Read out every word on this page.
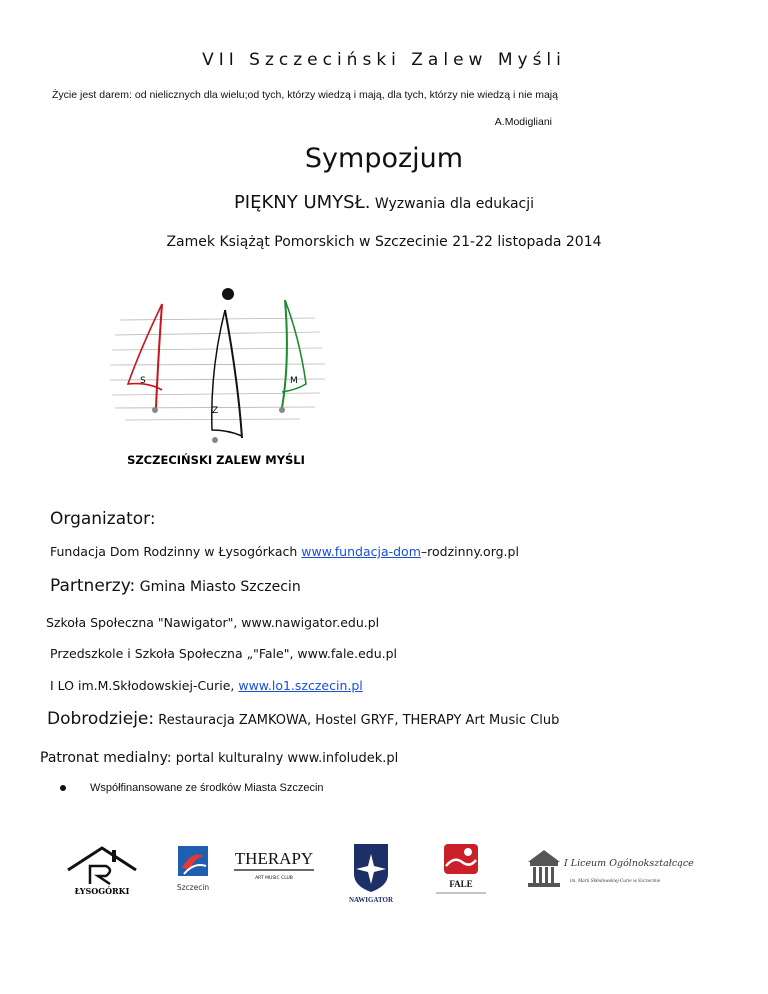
VII Szczeciński Zalew Myśli
Życie jest darem: od nielicznych dla wielu;od tych, którzy wiedzą i mają, dla tych, którzy nie wiedzą i nie mają
A.Modigliani
Sympozjum
PIĘKNY UMYSŁ. Wyzwania dla edukacji
Zamek Książąt Pomorskich w Szczecinie 21-22 listopada 2014
S
Z
M
SZCZECIŃSKI ZALEW MYŚLI
Organizator:
Fundacja Dom Rodzinny w Łysogórkach www.fundacja-dom–rodzinny.org.pl
Partnerzy: Gmina Miasto Szczecin
Szkoła Społeczna "Nawigator", www.nawigator.edu.pl
Przedszkole i Szkoła Społeczna „"Fale", www.fale.edu.pl
I LO im.M.Skłodowskiej-Curie, www.lo1.szczecin.pl
Dobrodzieje: Restauracja ZAMKOWA, Hostel GRYF, THERAPY Art Music Club
Patronat medialny: portal kulturalny www.infoludek.pl
Współfinansowane ze środków Miasta Szczecin
ŁYSOGÓRKI	Szczecin
THERAPY
ART MUSIC CLUB
NAWIGATOR
FALE
I Liceum Ogólnokształcące
im. Marii Skłodowskiej-Curie w Szczecinie
